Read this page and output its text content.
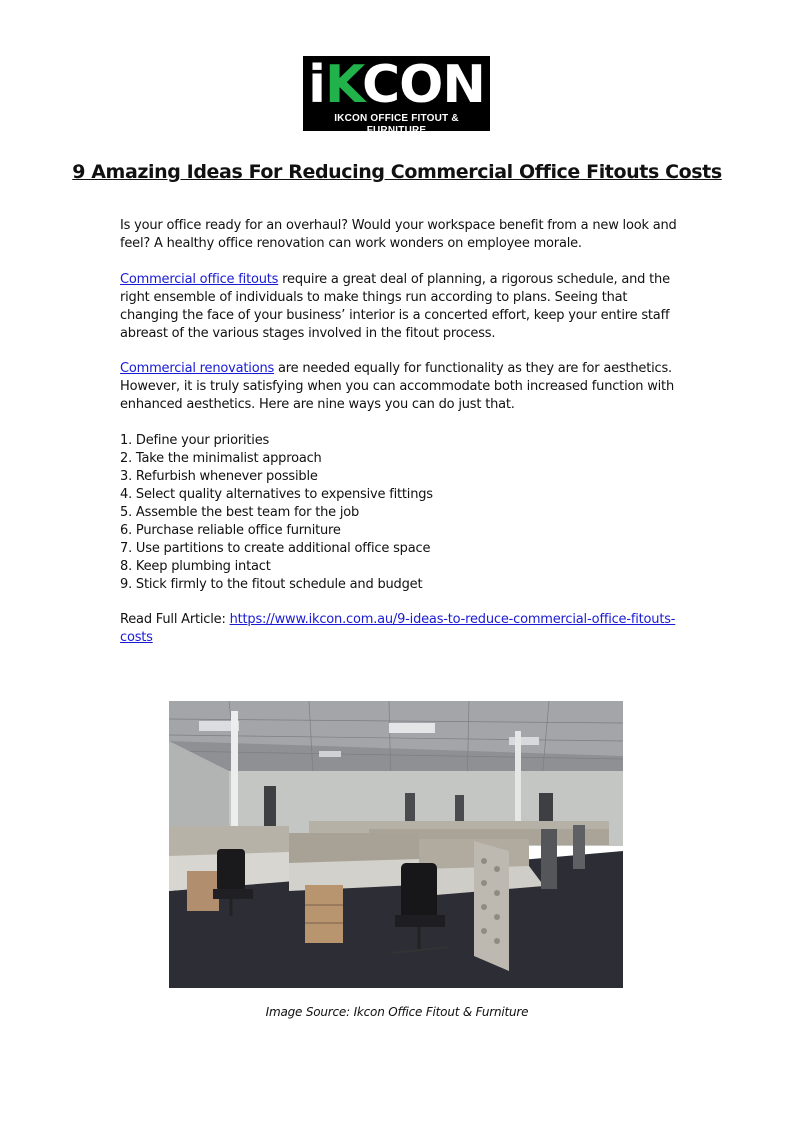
iKCON
IKCON OFFICE FITOUT & FURNITURE
9 Amazing Ideas For Reducing Commercial Office Fitouts Costs

Is your office ready for an overhaul? Would your workspace benefit from a new look and feel? A healthy office renovation can work wonders on employee morale.

Commercial office fitouts require a great deal of planning, a rigorous schedule, and the right ensemble of individuals to make things run according to plans. Seeing that changing the face of your business’ interior is a concerted effort, keep your entire staff abreast of the various stages involved in the fitout process.

Commercial renovations are needed equally for functionality as they are for aesthetics. However, it is truly satisfying when you can accommodate both increased function with enhanced aesthetics. Here are nine ways you can do just that.

1. Define your priorities
2. Take the minimalist approach
3. Refurbish whenever possible
4. Select quality alternatives to expensive fittings
5. Assemble the best team for the job
6. Purchase reliable office furniture
7. Use partitions to create additional office space
8. Keep plumbing intact
9. Stick firmly to the fitout schedule and budget

Read Full Article: https://www.ikcon.com.au/9-ideas-to-reduce-commercial-office-fitouts-costs

Image Source: Ikcon Office Fitout & Furniture
